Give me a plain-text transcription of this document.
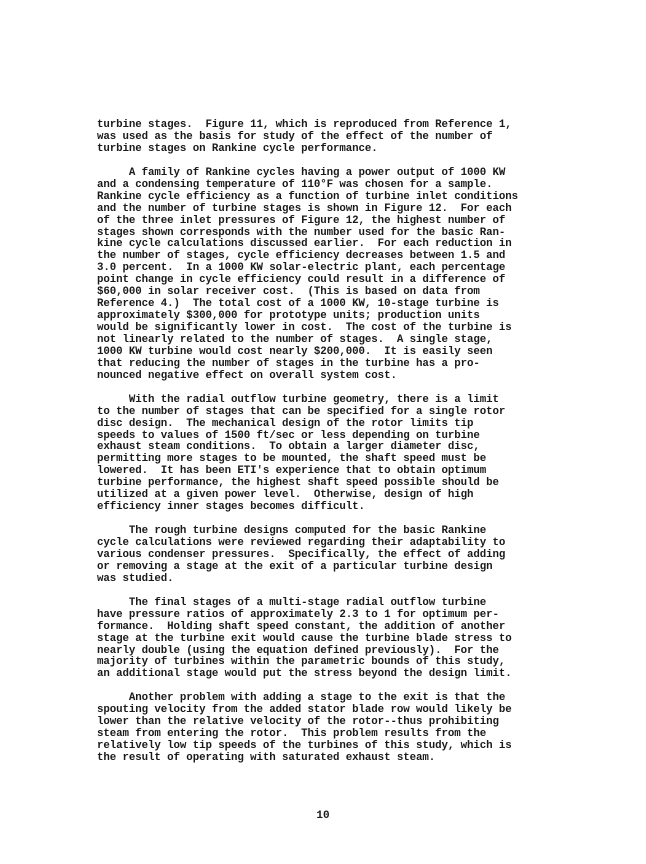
turbine stages.  Figure 11, which is reproduced from Reference 1,
was used as the basis for study of the effect of the number of
turbine stages on Rankine cycle performance.
A family of Rankine cycles having a power output of 1000 KW
and a condensing temperature of 110°F was chosen for a sample.
Rankine cycle efficiency as a function of turbine inlet conditions
and the number of turbine stages is shown in Figure 12.  For each
of the three inlet pressures of Figure 12, the highest number of
stages shown corresponds with the number used for the basic Ran-
kine cycle calculations discussed earlier.  For each reduction in
the number of stages, cycle efficiency decreases between 1.5 and
3.0 percent.  In a 1000 KW solar-electric plant, each percentage
point change in cycle efficiency could result in a difference of
$60,000 in solar receiver cost.  (This is based on data from
Reference 4.)  The total cost of a 1000 KW, 10-stage turbine is
approximately $300,000 for prototype units; production units
would be significantly lower in cost.  The cost of the turbine is
not linearly related to the number of stages.  A single stage,
1000 KW turbine would cost nearly $200,000.  It is easily seen
that reducing the number of stages in the turbine has a pro-
nounced negative effect on overall system cost.
With the radial outflow turbine geometry, there is a limit
to the number of stages that can be specified for a single rotor
disc design.  The mechanical design of the rotor limits tip
speeds to values of 1500 ft/sec or less depending on turbine
exhaust steam conditions.  To obtain a larger diameter disc,
permitting more stages to be mounted, the shaft speed must be
lowered.  It has been ETI's experience that to obtain optimum
turbine performance, the highest shaft speed possible should be
utilized at a given power level.  Otherwise, design of high
efficiency inner stages becomes difficult.
The rough turbine designs computed for the basic Rankine
cycle calculations were reviewed regarding their adaptability to
various condenser pressures.  Specifically, the effect of adding
or removing a stage at the exit of a particular turbine design
was studied.
The final stages of a multi-stage radial outflow turbine
have pressure ratios of approximately 2.3 to 1 for optimum per-
formance.  Holding shaft speed constant, the addition of another
stage at the turbine exit would cause the turbine blade stress to
nearly double (using the equation defined previously).  For the
majority of turbines within the parametric bounds of this study,
an additional stage would put the stress beyond the design limit.
Another problem with adding a stage to the exit is that the
spouting velocity from the added stator blade row would likely be
lower than the relative velocity of the rotor--thus prohibiting
steam from entering the rotor.  This problem results from the
relatively low tip speeds of the turbines of this study, which is
the result of operating with saturated exhaust steam.
10
